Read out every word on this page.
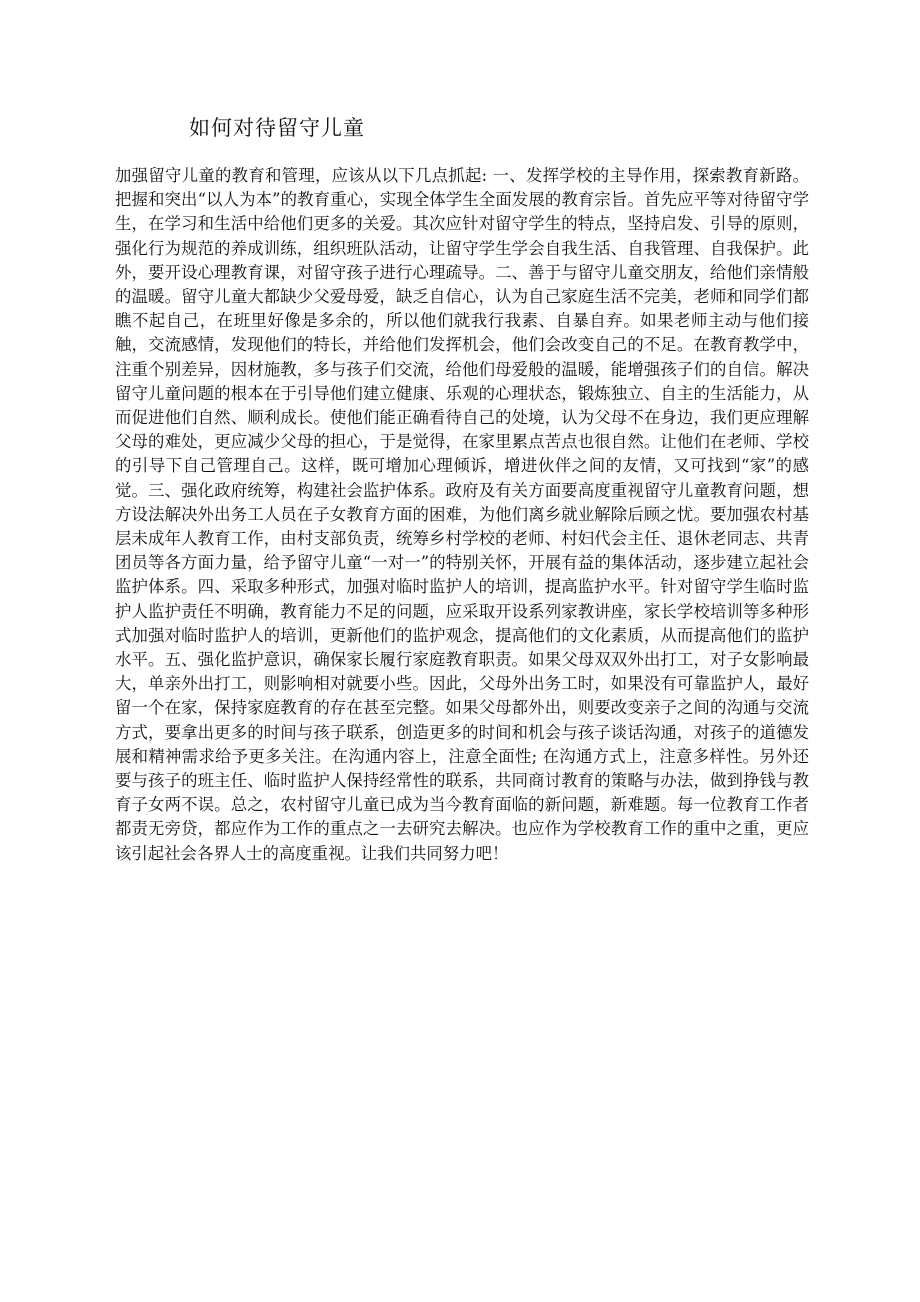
如何对待留守儿童

加强留守儿童的教育和管理，应该从以下几点抓起: 一、发挥学校的主导作用，探索教育新路。把握和突出“以人为本”的教育重心，实现全体学生全面发展的教育宗旨。首先应平等对待留守学生，在学习和生活中给他们更多的关爱。其次应针对留守学生的特点，坚持启发、引导的原则，强化行为规范的养成训练，组织班队活动，让留守学生学会自我生活、自我管理、自我保护。此外，要开设心理教育课，对留守孩子进行心理疏导。二、善于与留守儿童交朋友，给他们亲情般的温暖。留守儿童大都缺少父爱母爱，缺乏自信心，认为自己家庭生活不完美，老师和同学们都瞧不起自己，在班里好像是多余的，所以他们就我行我素、自暴自弃。如果老师主动与他们接触，交流感情，发现他们的特长，并给他们发挥机会，他们会改变自己的不足。在教育教学中，注重个别差异，因材施教，多与孩子们交流，给他们母爱般的温暖，能增强孩子们的自信。解决留守儿童问题的根本在于引导他们建立健康、乐观的心理状态，锻炼独立、自主的生活能力，从而促进他们自然、顺利成长。使他们能正确看待自己的处境，认为父母不在身边，我们更应理解父母的难处，更应减少父母的担心，于是觉得，在家里累点苦点也很自然。让他们在老师、学校的引导下自己管理自己。这样，既可增加心理倾诉，增进伙伴之间的友情，又可找到“家”的感觉。三、强化政府统筹，构建社会监护体系。政府及有关方面要高度重视留守儿童教育问题，想方设法解决外出务工人员在子女教育方面的困难，为他们离乡就业解除后顾之忧。要加强农村基层未成年人教育工作，由村支部负责，统筹乡村学校的老师、村妇代会主任、退休老同志、共青团员等各方面力量，给予留守儿童“一对一”的特别关怀，开展有益的集体活动，逐步建立起社会监护体系。四、采取多种形式，加强对临时监护人的培训，提高监护水平。针对留守学生临时监护人监护责任不明确，教育能力不足的问题，应采取开设系列家教讲座，家长学校培训等多种形式加强对临时监护人的培训，更新他们的监护观念，提高他们的文化素质，从而提高他们的监护水平。五、强化监护意识，确保家长履行家庭教育职责。如果父母双双外出打工，对子女影响最大，单亲外出打工，则影响相对就要小些。因此，父母外出务工时，如果没有可靠监护人，最好留一个在家，保持家庭教育的存在甚至完整。如果父母都外出，则要改变亲子之间的沟通与交流方式，要拿出更多的时间与孩子联系，创造更多的时间和机会与孩子谈话沟通，对孩子的道德发展和精神需求给予更多关注。在沟通内容上，注意全面性; 在沟通方式上，注意多样性。另外还要与孩子的班主任、临时监护人保持经常性的联系，共同商讨教育的策略与办法，做到挣钱与教育子女两不误。总之，农村留守儿童已成为当今教育面临的新问题，新难题。每一位教育工作者都责无旁贷，都应作为工作的重点之一去研究去解决。也应作为学校教育工作的重中之重，更应该引起社会各界人士的高度重视。让我们共同努力吧！
